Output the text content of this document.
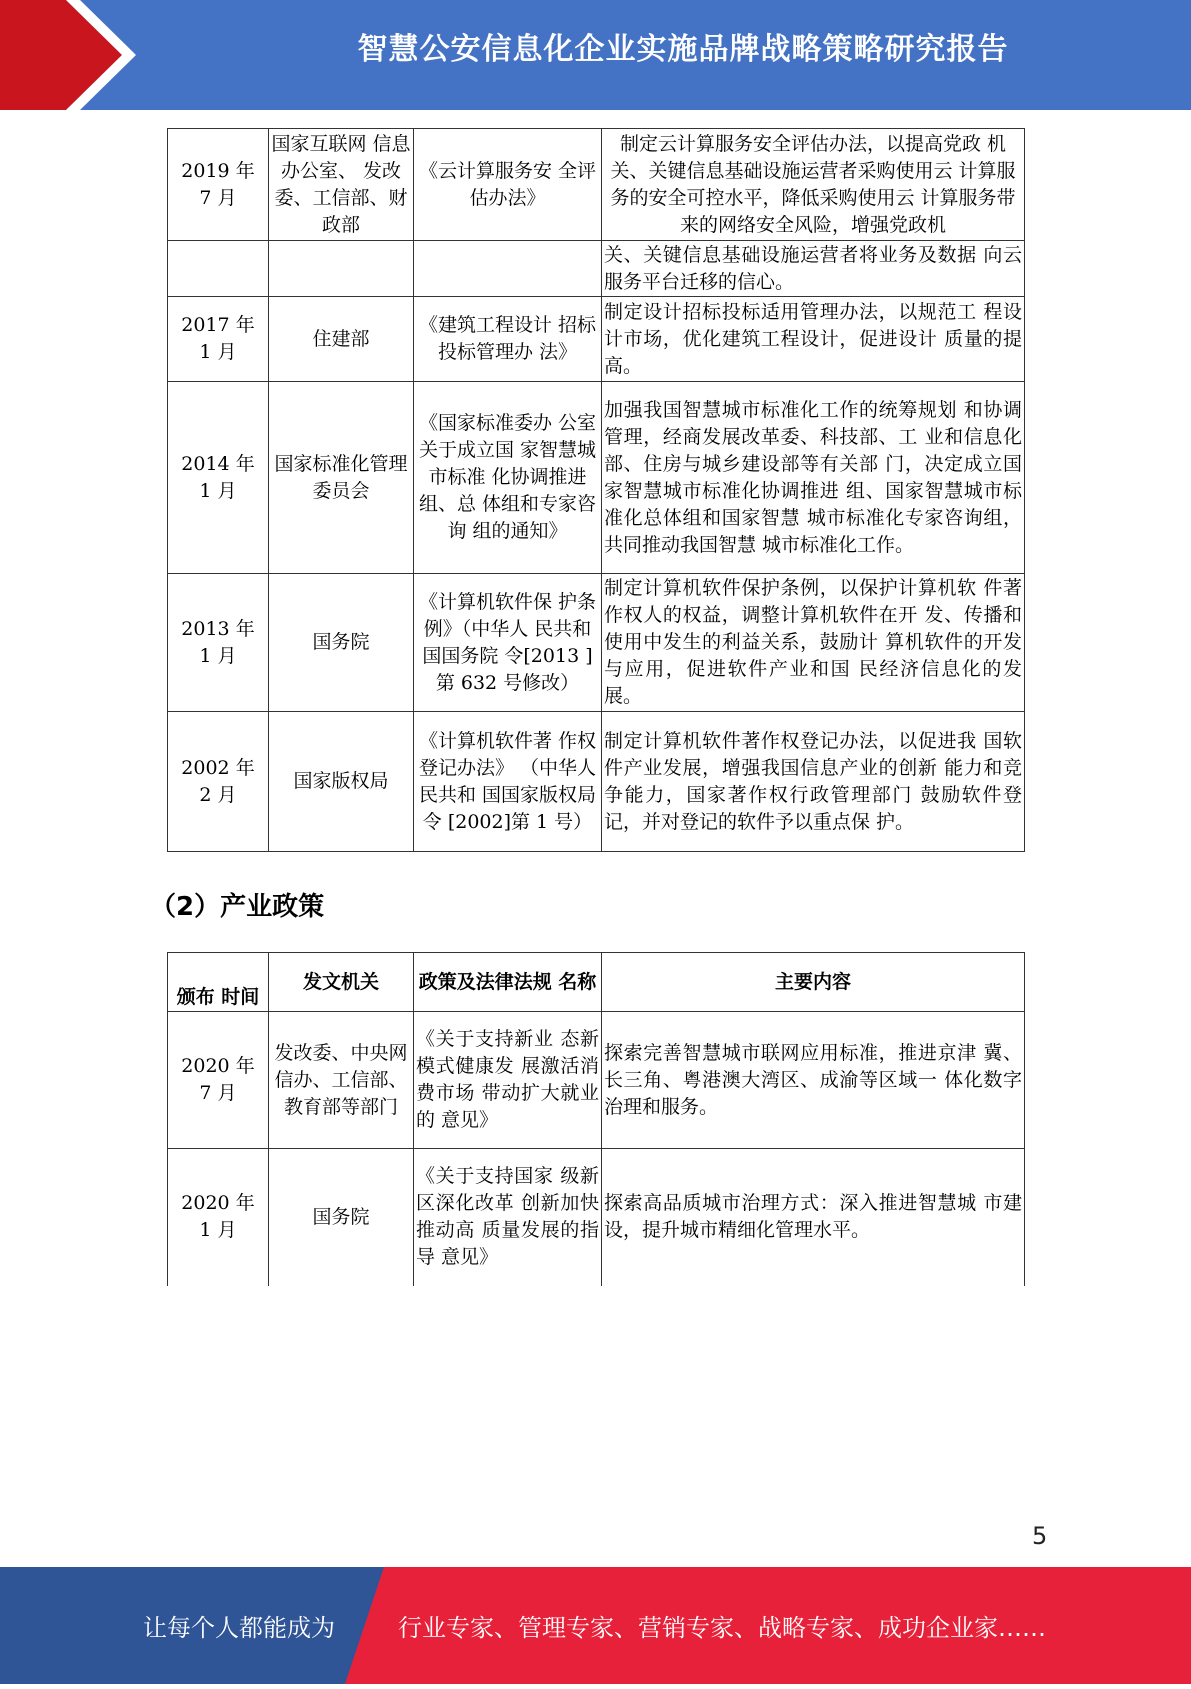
智慧公安信息化企业实施品牌战略策略研究报告
2019 年
7 月	国家互联网 信息办公室、 发改委、工信部、财政部	《云计算服务安 全评估办法》	制定云计算服务安全评估办法，以提高党政 机关、关键信息基础设施运营者采购使用云 计算服务的安全可控水平，降低采购使用云 计算服务带来的网络安全风险，增强党政机
			关、关键信息基础设施运营者将业务及数据 向云服务平台迁移的信心。
2017 年
1 月	住建部	《建筑工程设计 招标投标管理办 法》	制定设计招标投标适用管理办法，以规范工 程设计市场，优化建筑工程设计，促进设计 质量的提高。
2014 年
1 月	国家标准化管理委员会	《国家标准委办 公室关于成立国 家智慧城市标准 化协调推进组、总 体组和专家咨询 组的通知》	加强我国智慧城市标准化工作的统筹规划 和协调管理，经商发展改革委、科技部、工 业和信息化部、住房与城乡建设部等有关部 门，决定成立国家智慧城市标准化协调推进 组、国家智慧城市标准化总体组和国家智慧 城市标准化专家咨询组，共同推动我国智慧 城市标准化工作。
2013 年
1 月	国务院	《计算机软件保 护条例》（中华人 民共和国国务院 令[2013 ]第 632 号修改）	制定计算机软件保护条例，以保护计算机软 件著作权人的权益，调整计算机软件在开 发、传播和使用中发生的利益关系，鼓励计 算机软件的开发与应用，促进软件产业和国 民经济信息化的发展。
2002 年
2 月	国家版权局	《计算机软件著 作权登记办法》 （中华人民共和 国国家版权局令 [2002]第 1 号）	制定计算机软件著作权登记办法，以促进我 国软件产业发展，增强我国信息产业的创新 能力和竞争能力，国家著作权行政管理部门 鼓励软件登记，并对登记的软件予以重点保 护。
（2）产业政策
颁布 时间	发文机关	政策及法律法规 名称	主要内容
2020 年
7 月	发改委、中央网信办、工信部、教育部等部门	《关于支持新业 态新模式健康发 展激活消费市场 带动扩大就业的 意见》	探索完善智慧城市联网应用标准，推进京津 冀、长三角、粤港澳大湾区、成渝等区域一 体化数字治理和服务。
2020 年
1 月	国务院	《关于支持国家 级新区深化改革 创新加快推动高 质量发展的指导 意见》	探索高品质城市治理方式：深入推进智慧城 市建设，提升城市精细化管理水平。
5
让每个人都能成为	行业专家、管理专家、营销专家、战略专家、成功企业家……
